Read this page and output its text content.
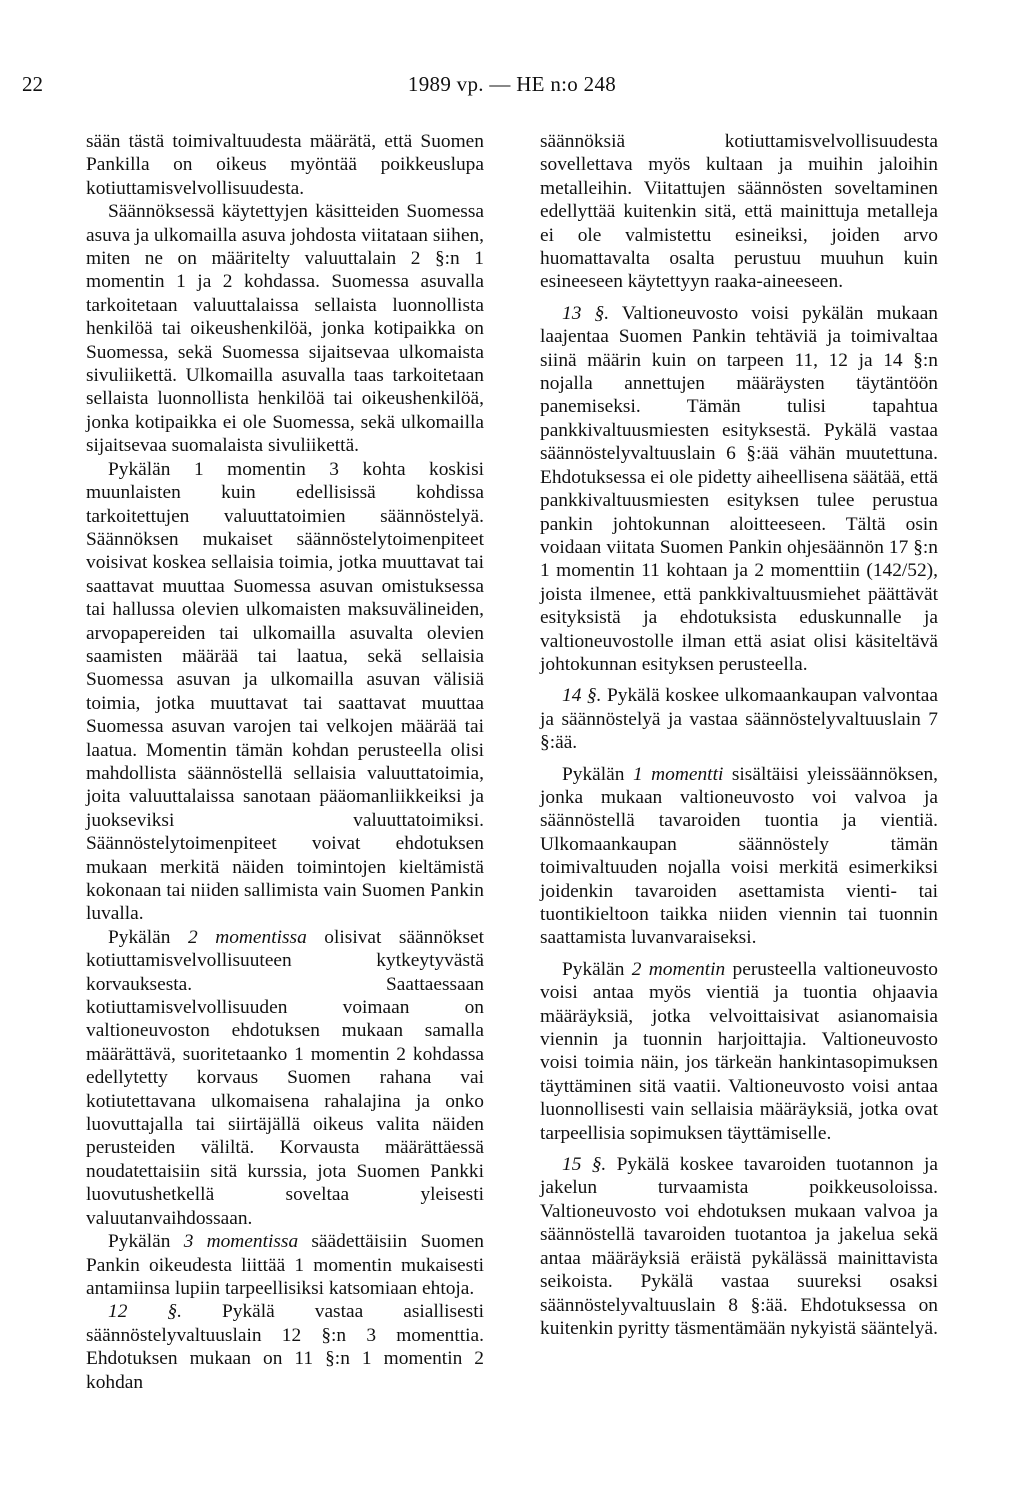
22	1989 vp. — HE n:o 248

sään tästä toimivaltuudesta määrätä, että Suomen Pankilla on oikeus myöntää poikkeuslupa kotiuttamisvelvollisuudesta.

Säännöksessä käytettyjen käsitteiden Suomessa asuva ja ulkomailla asuva johdosta viitataan siihen, miten ne on määritelty valuuttalain 2 §:n 1 momentin 1 ja 2 kohdassa. Suomessa asuvalla tarkoitetaan valuuttalaissa sellaista luonnollista henkilöä tai oikeushenkilöä, jonka kotipaikka on Suomessa, sekä Suomessa sijaitsevaa ulkomaista sivuliikettä. Ulkomailla asuvalla taas tarkoitetaan sellaista luonnollista henkilöä tai oikeushenkilöä, jonka kotipaikka ei ole Suomessa, sekä ulkomailla sijaitsevaa suomalaista sivuliikettä.

Pykälän 1 momentin 3 kohta koskisi muunlaisten kuin edellisissä kohdissa tarkoitettujen valuuttatoimien säännöstelyä. Säännöksen mukaiset säännöstelytoimenpiteet voisivat koskea sellaisia toimia, jotka muuttavat tai saattavat muuttaa Suomessa asuvan omistuksessa tai hallussa olevien ulkomaisten maksuvälineiden, arvopapereiden tai ulkomailla asuvalta olevien saamisten määrää tai laatua, sekä sellaisia Suomessa asuvan ja ulkomailla asuvan välisiä toimia, jotka muuttavat tai saattavat muuttaa Suomessa asuvan varojen tai velkojen määrää tai laatua. Momentin tämän kohdan perusteella olisi mahdollista säännöstellä sellaisia valuuttatoimia, joita valuuttalaissa sanotaan pääomanliikkeiksi ja juokseviksi valuuttatoimiksi. Säännöstelytoimenpiteet voivat ehdotuksen mukaan merkitä näiden toimintojen kieltämistä kokonaan tai niiden sallimista vain Suomen Pankin luvalla.

Pykälän 2 momentissa olisivat säännökset kotiuttamisvelvollisuuteen kytkeytyvästä korvauksesta. Saattaessaan kotiuttamisvelvollisuuden voimaan on valtioneuvoston ehdotuksen mukaan samalla määrättävä, suoritetaanko 1 momentin 2 kohdassa edellytetty korvaus Suomen rahana vai kotiutettavana ulkomaisena rahalajina ja onko luovuttajalla tai siirtäjällä oikeus valita näiden perusteiden väliltä. Korvausta määrättäessä noudatettaisiin sitä kurssia, jota Suomen Pankki luovutushetkellä soveltaa yleisesti valuutanvaihdossaan.

Pykälän 3 momentissa säädettäisiin Suomen Pankin oikeudesta liittää 1 momentin mukaisesti antamiinsa lupiin tarpeellisiksi katsomiaan ehtoja.

12 §. Pykälä vastaa asiallisesti säännöstelyvaltuuslain 12 §:n 3 momenttia. Ehdotuksen mukaan on 11 §:n 1 momentin 2 kohdan

säännöksiä kotiuttamisvelvollisuudesta sovellettava myös kultaan ja muihin jaloihin metalleihin. Viitattujen säännösten soveltaminen edellyttää kuitenkin sitä, että mainittuja metalleja ei ole valmistettu esineiksi, joiden arvo huomattavalta osalta perustuu muuhun kuin esineeseen käytettyyn raaka-aineeseen.

13 §. Valtioneuvosto voisi pykälän mukaan laajentaa Suomen Pankin tehtäviä ja toimivaltaa siinä määrin kuin on tarpeen 11, 12 ja 14 §:n nojalla annettujen määräysten täytäntöön panemiseksi. Tämän tulisi tapahtua pankkivaltuusmiesten esityksestä. Pykälä vastaa säännöstelyvaltuuslain 6 §:ää vähän muutettuna. Ehdotuksessa ei ole pidetty aiheellisena säätää, että pankkivaltuusmiesten esityksen tulee perustua pankin johtokunnan aloitteeseen. Tältä osin voidaan viitata Suomen Pankin ohjesäännön 17 §:n 1 momentin 11 kohtaan ja 2 momenttiin (142/52), joista ilmenee, että pankkivaltuusmiehet päättävät esityksistä ja ehdotuksista eduskunnalle ja valtioneuvostolle ilman että asiat olisi käsiteltävä johtokunnan esityksen perusteella.

14 §. Pykälä koskee ulkomaankaupan valvontaa ja säännöstelyä ja vastaa säännöstelyvaltuuslain 7 §:ää.

Pykälän 1 momentti sisältäisi yleissäännöksen, jonka mukaan valtioneuvosto voi valvoa ja säännöstellä tavaroiden tuontia ja vientiä. Ulkomaankaupan säännöstely tämän toimivaltuuden nojalla voisi merkitä esimerkiksi joidenkin tavaroiden asettamista vienti- tai tuontikieltoon taikka niiden viennin tai tuonnin saattamista luvanvaraiseksi.

Pykälän 2 momentin perusteella valtioneuvosto voisi antaa myös vientiä ja tuontia ohjaavia määräyksiä, jotka velvoittaisivat asianomaisia viennin ja tuonnin harjoittajia. Valtioneuvosto voisi toimia näin, jos tärkeän hankintasopimuksen täyttäminen sitä vaatii. Valtioneuvosto voisi antaa luonnollisesti vain sellaisia määräyksiä, jotka ovat tarpeellisia sopimuksen täyttämiselle.

15 §. Pykälä koskee tavaroiden tuotannon ja jakelun turvaamista poikkeusoloissa. Valtioneuvosto voi ehdotuksen mukaan valvoa ja säännöstellä tavaroiden tuotantoa ja jakelua sekä antaa määräyksiä eräistä pykälässä mainittavista seikoista. Pykälä vastaa suureksi osaksi säännöstelyvaltuuslain 8 §:ää. Ehdotuksessa on kuitenkin pyritty täsmentämään nykyistä sääntelyä.
